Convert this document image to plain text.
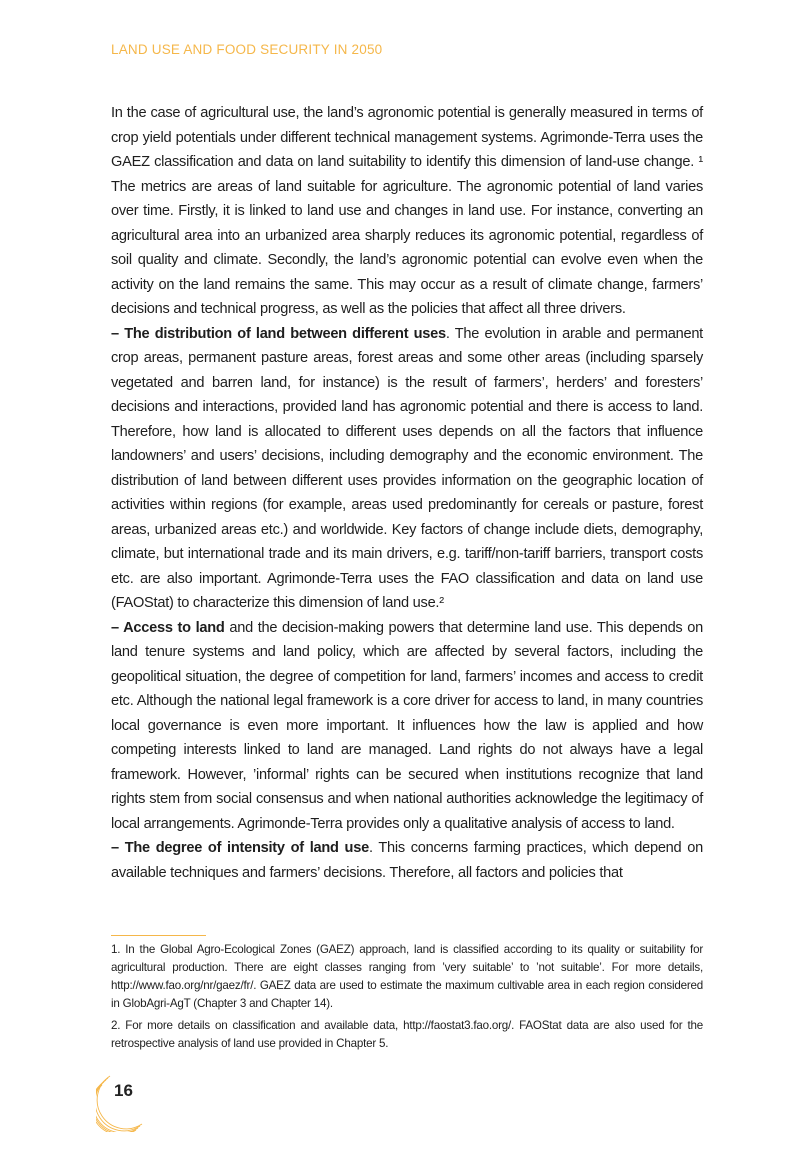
LAND USE AND FOOD SECURITY IN 2050

In the case of agricultural use, the land’s agronomic potential is generally measured in terms of crop yield potentials under different technical management systems. Agrimonde-Terra uses the GAEZ classification and data on land suitability to identify this dimension of land-use change. ¹ The metrics are areas of land suitable for agriculture. The agronomic potential of land varies over time. Firstly, it is linked to land use and changes in land use. For instance, converting an agricultural area into an urbanized area sharply reduces its agronomic potential, regardless of soil quality and climate. Secondly, the land’s agronomic potential can evolve even when the activity on the land remains the same. This may occur as a result of climate change, farmers’ decisions and technical progress, as well as the policies that affect all three drivers.

– The distribution of land between different uses. The evolution in arable and permanent crop areas, permanent pasture areas, forest areas and some other areas (including sparsely vegetated and barren land, for instance) is the result of farmers’, herders’ and foresters’ decisions and interactions, provided land has agronomic potential and there is access to land. Therefore, how land is allocated to different uses depends on all the factors that influence landowners’ and users’ decisions, including demography and the economic environment. The distribution of land between different uses provides information on the geographic location of activities within regions (for example, areas used predominantly for cereals or pasture, forest areas, urbanized areas etc.) and worldwide. Key factors of change include diets, demography, climate, but international trade and its main drivers, e.g. tariff/non-tariff barriers, transport costs etc. are also important. Agrimonde-Terra uses the FAO classification and data on land use (FAOStat) to characterize this dimension of land use.²

– Access to land and the decision-making powers that determine land use. This depends on land tenure systems and land policy, which are affected by several factors, including the geopolitical situation, the degree of competition for land, farmers’ incomes and access to credit etc. Although the national legal framework is a core driver for access to land, in many countries local governance is even more important. It influences how the law is applied and how competing interests linked to land are managed. Land rights do not always have a legal framework. However, ’informal’ rights can be secured when institutions recognize that land rights stem from social consensus and when national authorities acknowledge the legitimacy of local arrangements. Agrimonde-Terra provides only a qualitative analysis of access to land.

– The degree of intensity of land use. This concerns farming practices, which depend on available techniques and farmers’ decisions. Therefore, all factors and policies that

1. In the Global Agro-Ecological Zones (GAEZ) approach, land is classified according to its quality or suitability for agricultural production. There are eight classes ranging from ’very suitable’ to ’not suitable’. For more details, http://www.fao.org/nr/gaez/fr/. GAEZ data are used to estimate the maximum cultivable area in each region considered in GlobAgri-AgT (Chapter 3 and Chapter 14).

2. For more details on classification and available data, http://faostat3.fao.org/. FAOStat data are also used for the retrospective analysis of land use provided in Chapter 5.

16
